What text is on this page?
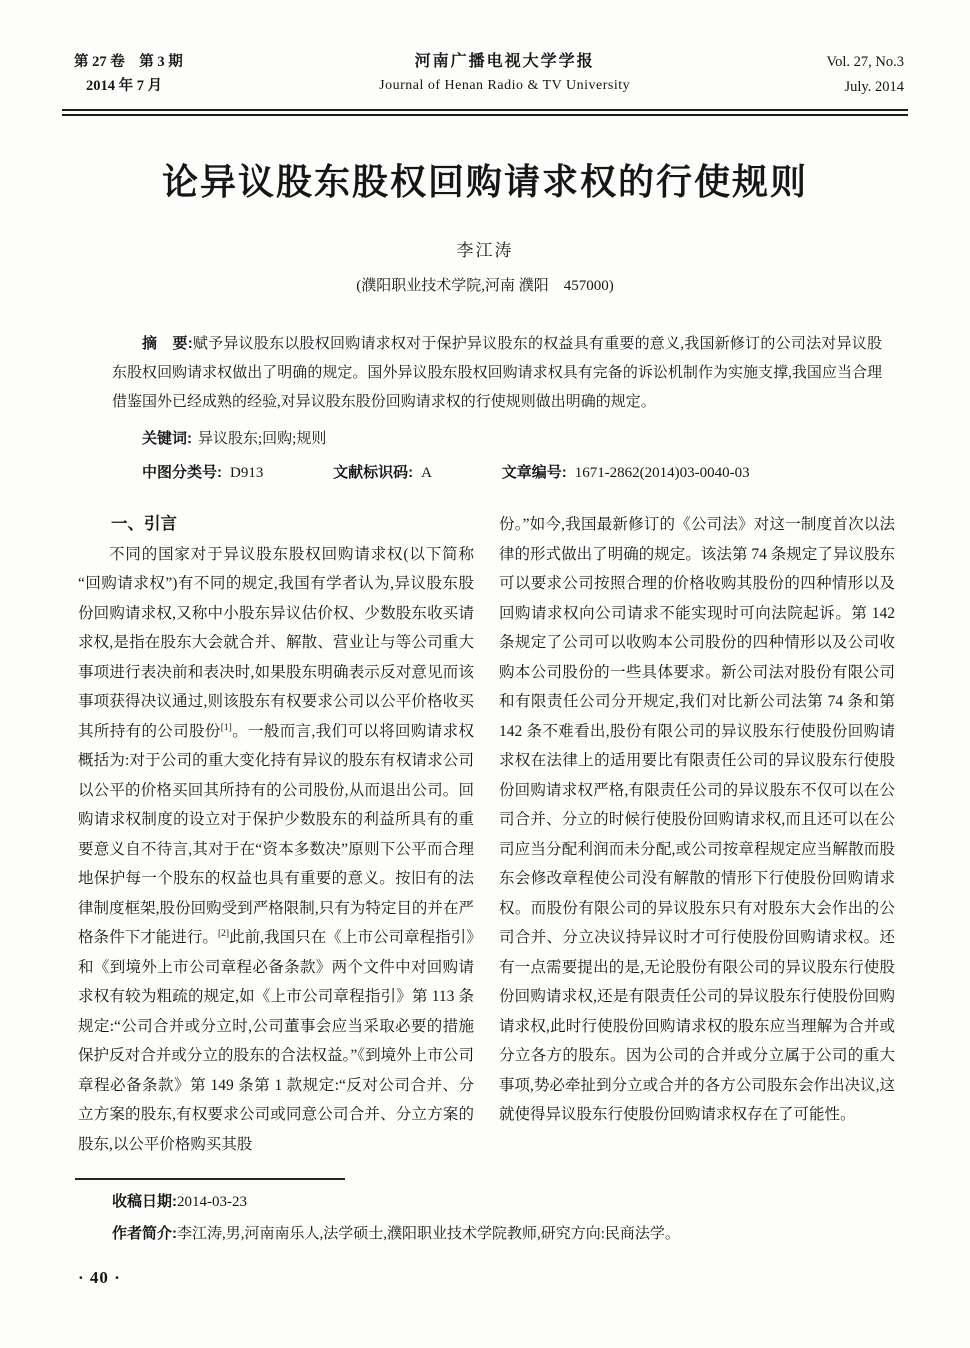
第 27 卷　第 3 期
2014 年 7 月
河南广播电视大学学报
Journal of Henan Radio & TV University
Vol. 27, No.3
July. 2014
论异议股东股权回购请求权的行使规则
李江涛
(濮阳职业技术学院,河南 濮阳　457000)

摘　要:赋予异议股东以股权回购请求权对于保护异议股东的权益具有重要的意义,我国新修订的公司法对异议股东股权回购请求权做出了明确的规定。国外异议股东股权回购请求权具有完备的诉讼机制作为实施支撑,我国应当合理借鉴国外已经成熟的经验,对异议股东股份回购请求权的行使规则做出明确的规定。

关键词: 异议股东;回购;规则

中图分类号: D913	文献标识码: A	文章编号: 1671-2862(2014)03-0040-03

一、引言

不同的国家对于异议股东股权回购请求权(以下简称“回购请求权”)有不同的规定,我国有学者认为,异议股东股份回购请求权,又称中小股东异议估价权、少数股东收买请求权,是指在股东大会就合并、解散、营业让与等公司重大事项进行表决前和表决时,如果股东明确表示反对意见而该事项获得决议通过,则该股东有权要求公司以公平价格收买其所持有的公司股份[1]。一般而言,我们可以将回购请求权概括为:对于公司的重大变化持有异议的股东有权请求公司以公平的价格买回其所持有的公司股份,从而退出公司。回购请求权制度的设立对于保护少数股东的利益所具有的重要意义自不待言,其对于在“资本多数决”原则下公平而合理地保护每一个股东的权益也具有重要的意义。按旧有的法律制度框架,股份回购受到严格限制,只有为特定目的并在严格条件下才能进行。[2]此前,我国只在《上市公司章程指引》和《到境外上市公司章程必备条款》两个文件中对回购请求权有较为粗疏的规定,如《上市公司章程指引》第 113 条规定:“公司合并或分立时,公司董事会应当采取必要的措施保护反对合并或分立的股东的合法权益。”《到境外上市公司章程必备条款》第 149 条第 1 款规定:“反对公司合并、分立方案的股东,有权要求公司或同意公司合并、分立方案的股东,以公平价格购买其股

份。”如今,我国最新修订的《公司法》对这一制度首次以法律的形式做出了明确的规定。该法第 74 条规定了异议股东可以要求公司按照合理的价格收购其股份的四种情形以及回购请求权向公司请求不能实现时可向法院起诉。第 142 条规定了公司可以收购本公司股份的四种情形以及公司收购本公司股份的一些具体要求。新公司法对股份有限公司和有限责任公司分开规定,我们对比新公司法第 74 条和第 142 条不难看出,股份有限公司的异议股东行使股份回购请求权在法律上的适用要比有限责任公司的异议股东行使股份回购请求权严格,有限责任公司的异议股东不仅可以在公司合并、分立的时候行使股份回购请求权,而且还可以在公司应当分配利润而未分配,或公司按章程规定应当解散而股东会修改章程使公司没有解散的情形下行使股份回购请求权。而股份有限公司的异议股东只有对股东大会作出的公司合并、分立决议持异议时才可行使股份回购请求权。还有一点需要提出的是,无论股份有限公司的异议股东行使股份回购请求权,还是有限责任公司的异议股东行使股份回购请求权,此时行使股份回购请求权的股东应当理解为合并或分立各方的股东。因为公司的合并或分立属于公司的重大事项,势必牵扯到分立或合并的各方公司股东会作出决议,这就使得异议股东行使股份回购请求权存在了可能性。

收稿日期:2014-03-23

作者简介:李江涛,男,河南南乐人,法学硕士,濮阳职业技术学院教师,研究方向:民商法学。

· 40 ·
